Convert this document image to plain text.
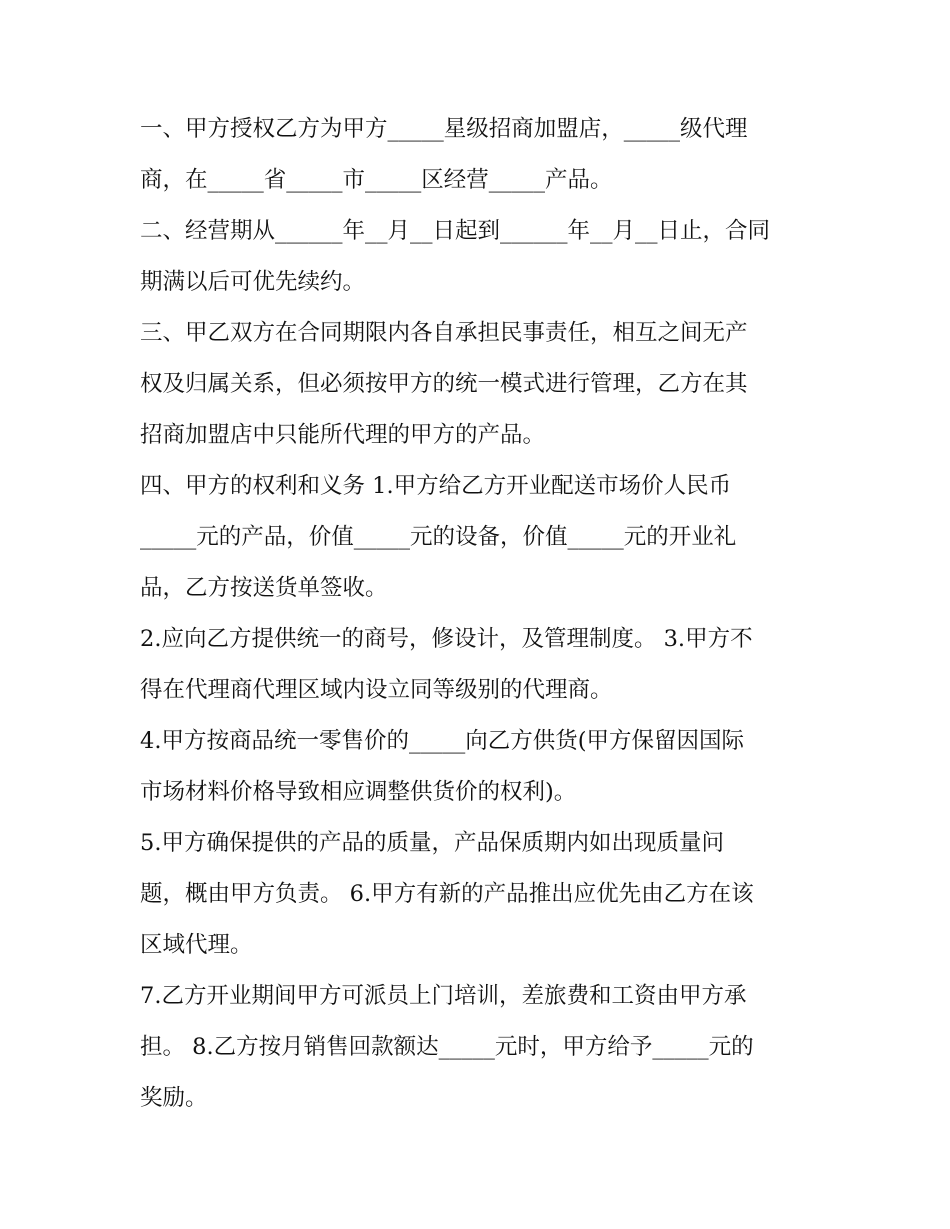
一、甲方授权乙方为甲方_____星级招商加盟店，_____级代理
商，在_____省_____市_____区经营_____产品。
二、经营期从______年__月__日起到______年__月__日止，合同
期满以后可优先续约。
三、甲乙双方在合同期限内各自承担民事责任，相互之间无产
权及归属关系，但必须按甲方的统一模式进行管理，乙方在其
招商加盟店中只能所代理的甲方的产品。
四、甲方的权利和义务 1.甲方给乙方开业配送市场价人民币
_____元的产品，价值_____元的设备，价值_____元的开业礼
品，乙方按送货单签收。
2.应向乙方提供统一的商号，修设计，及管理制度。 3.甲方不
得在代理商代理区域内设立同等级别的代理商。
4.甲方按商品统一零售价的_____向乙方供货(甲方保留因国际
市场材料价格导致相应调整供货价的权利)。
5.甲方确保提供的产品的质量，产品保质期内如出现质量问
题，概由甲方负责。 6.甲方有新的产品推出应优先由乙方在该
区域代理。
7.乙方开业期间甲方可派员上门培训，差旅费和工资由甲方承
担。 8.乙方按月销售回款额达_____元时，甲方给予_____元的
奖励。
